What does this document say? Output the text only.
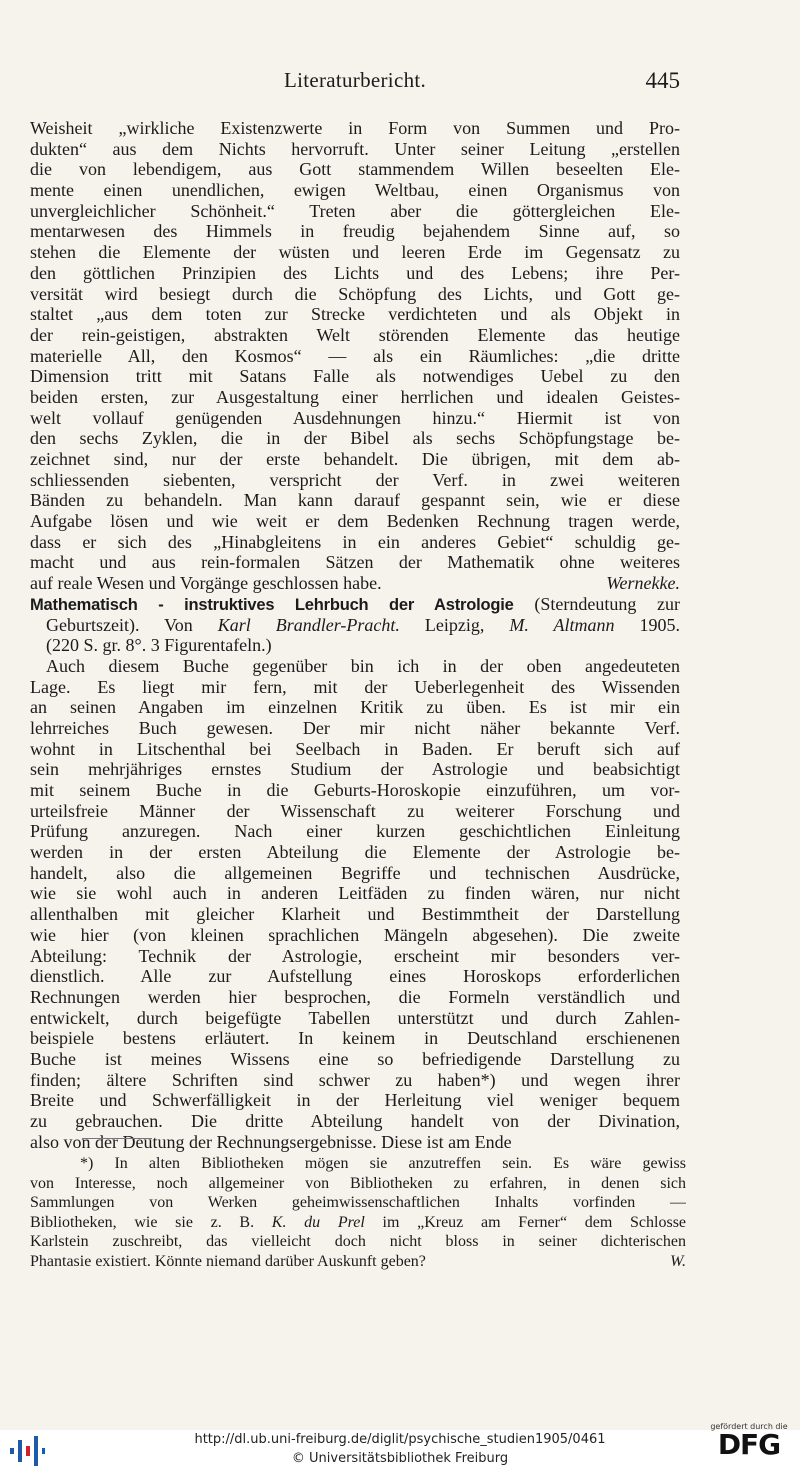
Literaturbericht.	445
Weisheit „wirkliche Existenzwerte in Form von Summen und Pro-
dukten“ aus dem Nichts hervorruft. Unter seiner Leitung „erstellen
die von lebendigem, aus Gott stammendem Willen beseelten Ele-
mente einen unendlichen, ewigen Weltbau, einen Organismus von
unvergleichlicher Schönheit.“ Treten aber die göttergleichen Ele-
mentarwesen des Himmels in freudig bejahendem Sinne auf, so
stehen die Elemente der wüsten und leeren Erde im Gegensatz zu
den göttlichen Prinzipien des Lichts und des Lebens; ihre Per-
versität wird besiegt durch die Schöpfung des Lichts, und Gott ge-
staltet „aus dem toten zur Strecke verdichteten und als Objekt in
der rein-geistigen, abstrakten Welt störenden Elemente das heutige
materielle All, den Kosmos“ — als ein Räumliches: „die dritte
Dimension tritt mit Satans Falle als notwendiges Uebel zu den
beiden ersten, zur Ausgestaltung einer herrlichen und idealen Geistes-
welt vollauf genügenden Ausdehnungen hinzu.“ Hiermit ist von
den sechs Zyklen, die in der Bibel als sechs Schöpfungstage be-
zeichnet sind, nur der erste behandelt. Die übrigen, mit dem ab-
schliessenden siebenten, verspricht der Verf. in zwei weiteren
Bänden zu behandeln. Man kann darauf gespannt sein, wie er diese
Aufgabe lösen und wie weit er dem Bedenken Rechnung tragen werde,
dass er sich des „Hinabgleitens in ein anderes Gebiet“ schuldig ge-
macht und aus rein-formalen Sätzen der Mathematik ohne weiteres
auf reale Wesen und Vorgänge geschlossen habe.	Wernekke.
Mathematisch - instruktives Lehrbuch der Astrologie (Sterndeutung zur
Geburtszeit). Von Karl Brandler-Pracht. Leipzig, M. Altmann 1905.
(220 S. gr. 8°. 3 Figurentafeln.)
Auch diesem Buche gegenüber bin ich in der oben angedeuteten
Lage. Es liegt mir fern, mit der Ueberlegenheit des Wissenden
an seinen Angaben im einzelnen Kritik zu üben. Es ist mir ein
lehrreiches Buch gewesen. Der mir nicht näher bekannte Verf.
wohnt in Litschenthal bei Seelbach in Baden. Er beruft sich auf
sein mehrjähriges ernstes Studium der Astrologie und beabsichtigt
mit seinem Buche in die Geburts-Horoskopie einzuführen, um vor-
urteilsfreie Männer der Wissenschaft zu weiterer Forschung und
Prüfung anzuregen. Nach einer kurzen geschichtlichen Einleitung
werden in der ersten Abteilung die Elemente der Astrologie be-
handelt, also die allgemeinen Begriffe und technischen Ausdrücke,
wie sie wohl auch in anderen Leitfäden zu finden wären, nur nicht
allenthalben mit gleicher Klarheit und Bestimmtheit der Darstellung
wie hier (von kleinen sprachlichen Mängeln abgesehen). Die zweite
Abteilung: Technik der Astrologie, erscheint mir besonders ver-
dienstlich. Alle zur Aufstellung eines Horoskops erforderlichen
Rechnungen werden hier besprochen, die Formeln verständlich und
entwickelt, durch beigefügte Tabellen unterstützt und durch Zahlen-
beispiele bestens erläutert. In keinem in Deutschland erschienenen
Buche ist meines Wissens eine so befriedigende Darstellung zu
finden; ältere Schriften sind schwer zu haben*) und wegen ihrer
Breite und Schwerfälligkeit in der Herleitung viel weniger bequem
zu gebrauchen. Die dritte Abteilung handelt von der Divination,
also von der Deutung der Rechnungsergebnisse. Diese ist am Ende
*) In alten Bibliotheken mögen sie anzutreffen sein. Es wäre gewiss
von Interesse, noch allgemeiner von Bibliotheken zu erfahren, in denen sich
Sammlungen von Werken geheimwissenschaftlichen Inhalts vorfinden —
Bibliotheken, wie sie z. B. K. du Prel im „Kreuz am Ferner“ dem Schlosse
Karlstein zuschreibt, das vielleicht doch nicht bloss in seiner dichterischen
Phantasie existiert. Könnte niemand darüber Auskunft geben?	W.
http://dl.ub.uni-freiburg.de/diglit/psychische_studien1905/0461
© Universitätsbibliothek Freiburg
gefördert durch die
DFG
